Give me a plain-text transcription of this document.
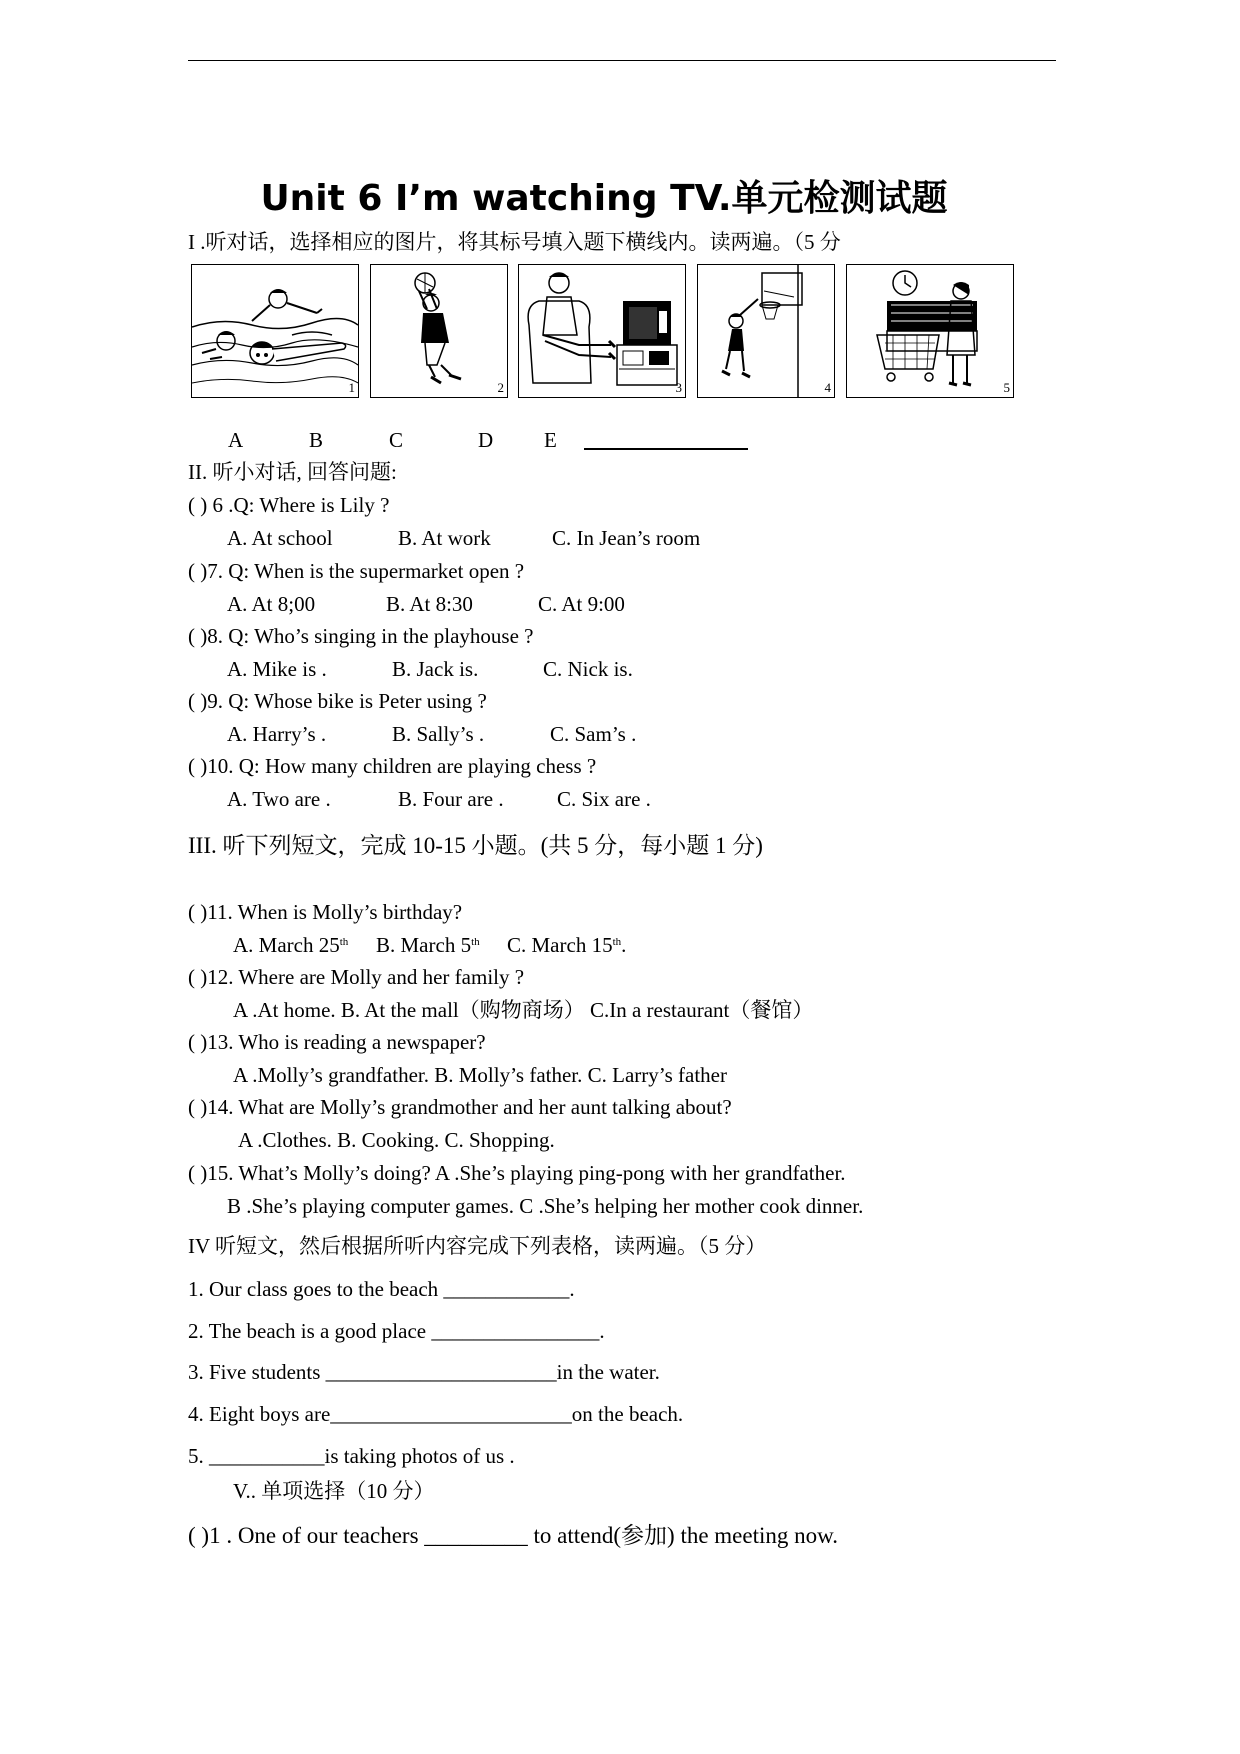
Unit 6 I’m watching TV.单元检测试题
I .听对话，选择相应的图片，将其标号填入题下横线内。读两遍。（5 分
1	2	3	4	5
A	B	C	D E
II. 听小对话, 回答问题:
( ) 6 .Q: Where is Lily ?
A. At school	B. At work	C. In Jean’s room
( )7. Q: When is the supermarket open ?
A. At 8;00	B. At 8:30	C. At 9:00
( )8. Q: Who’s singing in the playhouse ?
A. Mike is .	B. Jack is.	C. Nick is.
( )9. Q: Whose bike is Peter using ?
A. Harry’s .	B. Sally’s .	C. Sam’s .
( )10. Q: How many children are playing chess ?
A. Two are .	B. Four are .	C. Six are .
III. 听下列短文，完成 10-15 小题。(共 5 分，每小题 1 分)
( )11. When is Molly’s birthday?
A. March 25th B. March 5th C. March 15th.
( )12. Where are Molly and her family ?
A .At home. B. At the mall（购物商场） C.In a restaurant（餐馆）
( )13. Who is reading a newspaper?
A .Molly’s grandfather. B. Molly’s father. C. Larry’s father
( )14. What are Molly’s grandmother and her aunt talking about?
A .Clothes. B. Cooking. C. Shopping.
( )15. What’s Molly’s doing? A .She’s playing ping-pong with her grandfather.
B .She’s playing computer games. C .She’s helping her mother cook dinner.
IV 听短文，然后根据所听内容完成下列表格，读两遍。（5 分）
1. Our class goes to the beach ____________.
2. The beach is a good place ________________.
3. Five students ______________________in the water.
4. Eight boys are_______________________on the beach.
5. ___________is taking photos of us .
V.. 单项选择（10 分）
( )1 . One of our teachers _________ to attend(参加) the meeting now.
